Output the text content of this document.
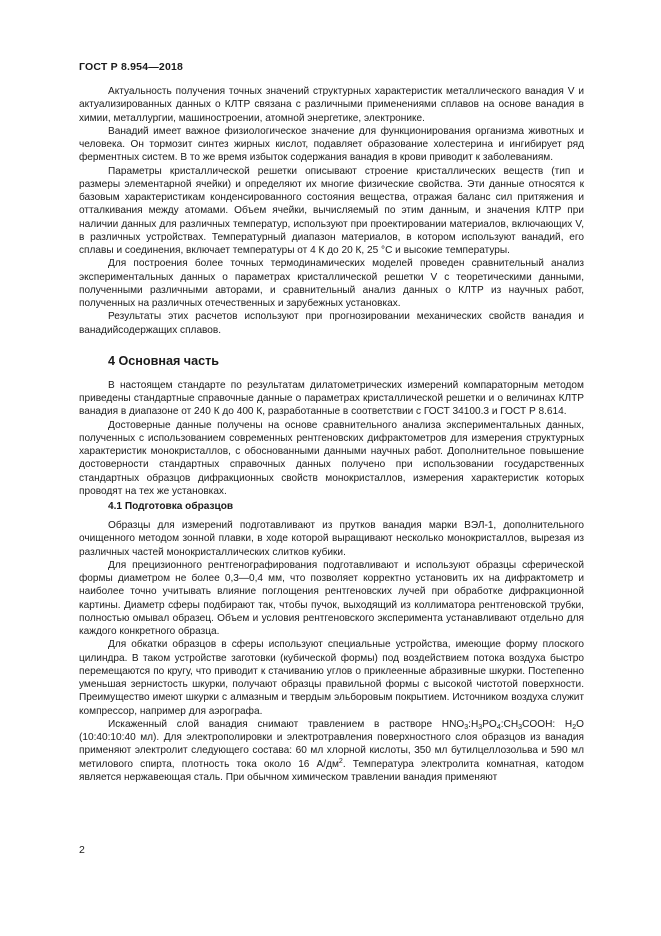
ГОСТ Р 8.954—2018

Актуальность получения точных значений структурных характеристик металлического ванадия V и актуализированных данных о КЛТР связана с различными применениями сплавов на основе ванадия в химии, металлургии, машиностроении, атомной энергетике, электронике.

Ванадий имеет важное физиологическое значение для функционирования организма животных и человека. Он тормозит синтез жирных кислот, подавляет образование холестерина и ингибирует ряд ферментных систем. В то же время избыток содержания ванадия в крови приводит к заболеваниям.

Параметры кристаллической решетки описывают строение кристаллических веществ (тип и размеры элементарной ячейки) и определяют их многие физические свойства. Эти данные относятся к базовым характеристикам конденсированного состояния вещества, отражая баланс сил притяжения и отталкивания между атомами. Объем ячейки, вычисляемый по этим данным, и значения КЛТР при наличии данных для различных температур, используют при проектировании материалов, включающих V, в различных устройствах. Температурный диапазон материалов, в котором используют ванадий, его сплавы и соединения, включает температуры от 4 К до 20 К, 25 °С и высокие температуры.

Для построения более точных термодинамических моделей проведен сравнительный анализ экспериментальных данных о параметрах кристаллической решетки V с теоретическими данными, полученными различными авторами, и сравнительный анализ данных о КЛТР из научных работ, полученных на различных отечественных и зарубежных установках.

Результаты этих расчетов используют при прогнозировании механических свойств ванадия и ванадийсодержащих сплавов.

4 Основная часть

В настоящем стандарте по результатам дилатометрических измерений компараторным методом приведены стандартные справочные данные о параметрах кристаллической решетки и о величинах КЛТР ванадия в диапазоне от 240 К до 400 К, разработанные в соответствии с ГОСТ 34100.3 и ГОСТ Р 8.614.

Достоверные данные получены на основе сравнительного анализа экспериментальных данных, полученных с использованием современных рентгеновских дифрактометров для измерения структурных характеристик монокристаллов, с обоснованными данными научных работ. Дополнительное повышение достоверности стандартных справочных данных получено при использовании государственных стандартных образцов дифракционных свойств монокристаллов, измерения характеристик которых проводят на тех же установках.

4.1 Подготовка образцов

Образцы для измерений подготавливают из прутков ванадия марки ВЭЛ-1, дополнительного очищенного методом зонной плавки, в ходе которой выращивают несколько монокристаллов, вырезая из различных частей монокристаллических слитков кубики.

Для прецизионного рентгенографирования подготавливают и используют образцы сферической формы диаметром не более 0,3—0,4 мм, что позволяет корректно установить их на дифрактометр и наиболее точно учитывать влияние поглощения рентгеновских лучей при обработке дифракционной картины. Диаметр сферы подбирают так, чтобы пучок, выходящий из коллиматора рентгеновской трубки, полностью омывал образец. Объем и условия рентгеновского эксперимента устанавливают отдельно для каждого конкретного образца.

Для обкатки образцов в сферы используют специальные устройства, имеющие форму плоского цилиндра. В таком устройстве заготовки (кубической формы) под воздействием потока воздуха быстро перемещаются по кругу, что приводит к стачиванию углов о приклеенные абразивные шкурки. Постепенно уменьшая зернистость шкурки, получают образцы правильной формы с высокой чистотой поверхности. Преимущество имеют шкурки с алмазным и твердым эльборовым покрытием. Источником воздуха служит компрессор, например для аэрографа.

Искаженный слой ванадия снимают травлением в растворе $HNO_3:H_3PO_4:CH_3COOH$: $H_2O$ (10:40:10:40 мл). Для электрополировки и электротравления поверхностного слоя образцов из ванадия применяют электролит следующего состава: 60 мл хлорной кислоты, 350 мл бутилцеллозольва и 590 мл метилового спирта, плотность тока около 16 $А/дм^2$. Температура электролита комнатная, катодом является нержавеющая сталь. При обычном химическом травлении ванадия применяют

2
